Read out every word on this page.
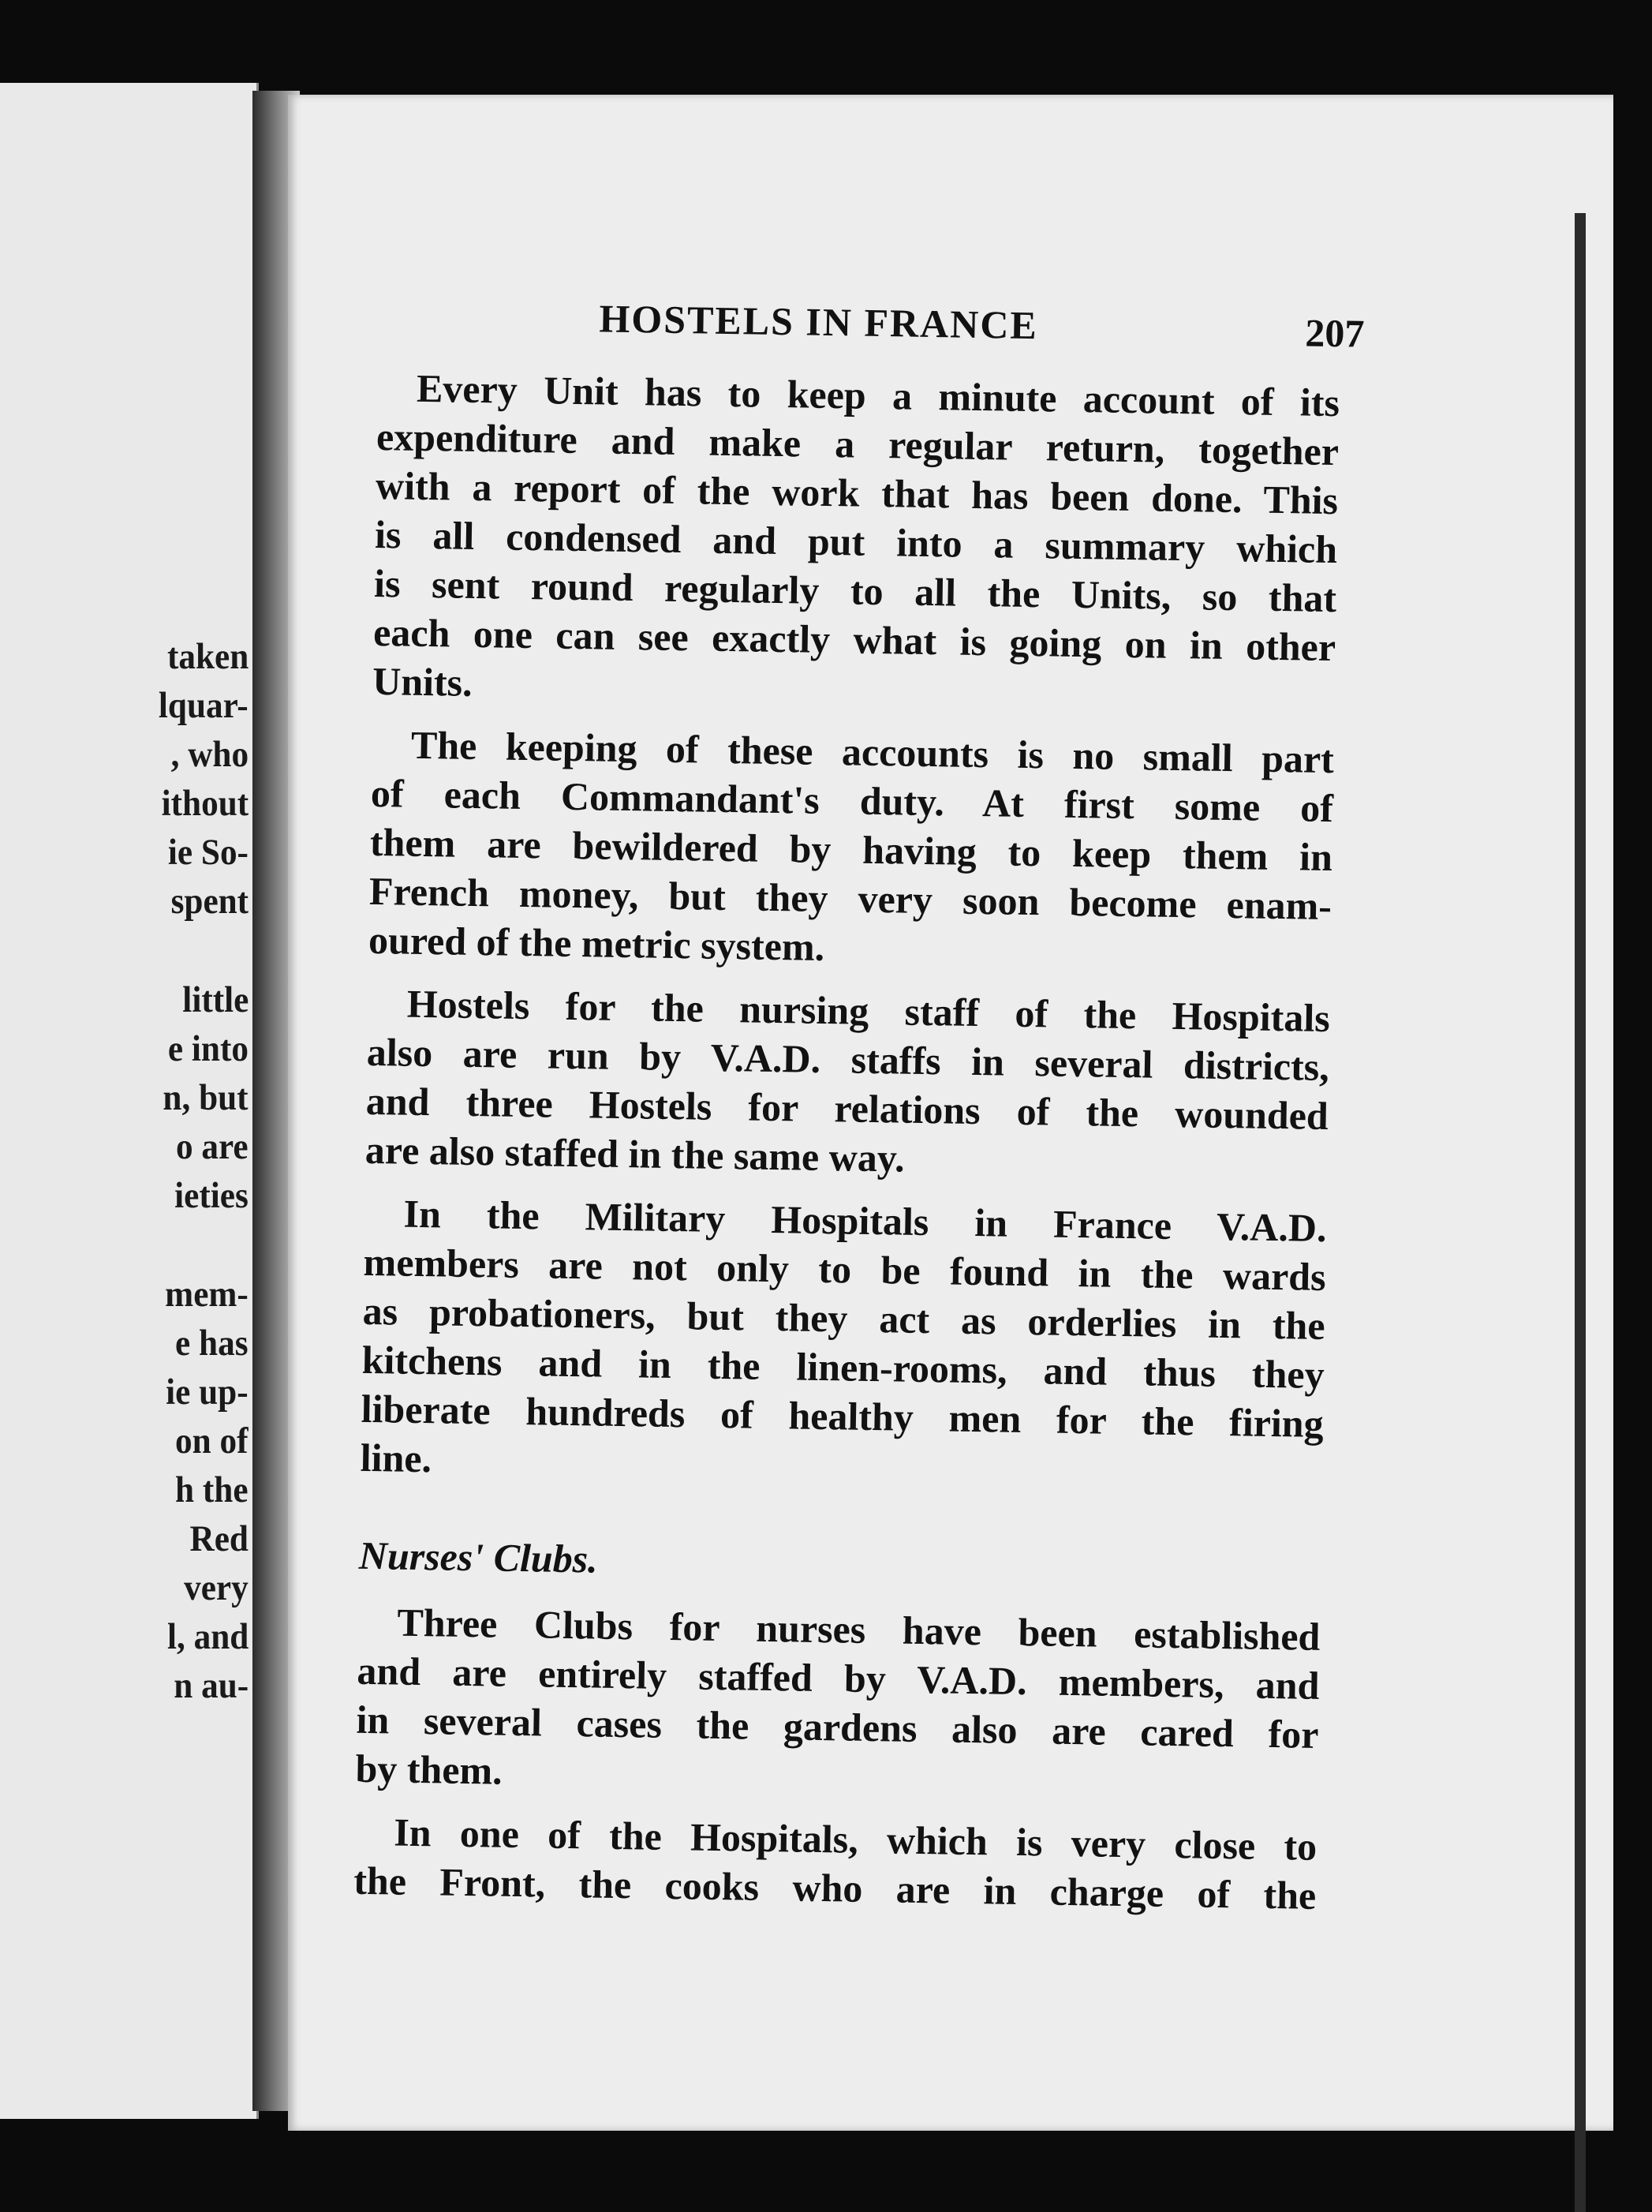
taken
lquar-
, who
ithout
ie So-
spent
little
e into
n, but
o are
ieties
mem-
e has
ie up-
on of
h the
Red
very
l, and
n au-
HOSTELS IN FRANCE	207

Every Unit has to keep a minute account of its
expenditure and make a regular return, together
with a report of the work that has been done. This
is all condensed and put into a summary which
is sent round regularly to all the Units, so that
each one can see exactly what is going on in other
Units.

The keeping of these accounts is no small part
of each Commandant's duty. At first some of
them are bewildered by having to keep them in
French money, but they very soon become enam-
oured of the metric system.

Hostels for the nursing staff of the Hospitals
also are run by V.A.D. staffs in several districts,
and three Hostels for relations of the wounded
are also staffed in the same way.

In the Military Hospitals in France V.A.D.
members are not only to be found in the wards
as probationers, but they act as orderlies in the
kitchens and in the linen-rooms, and thus they
liberate hundreds of healthy men for the firing
line.

Nurses' Clubs.

Three Clubs for nurses have been established
and are entirely staffed by V.A.D. members, and
in several cases the gardens also are cared for
by them.

In one of the Hospitals, which is very close to
the Front, the cooks who are in charge of the
